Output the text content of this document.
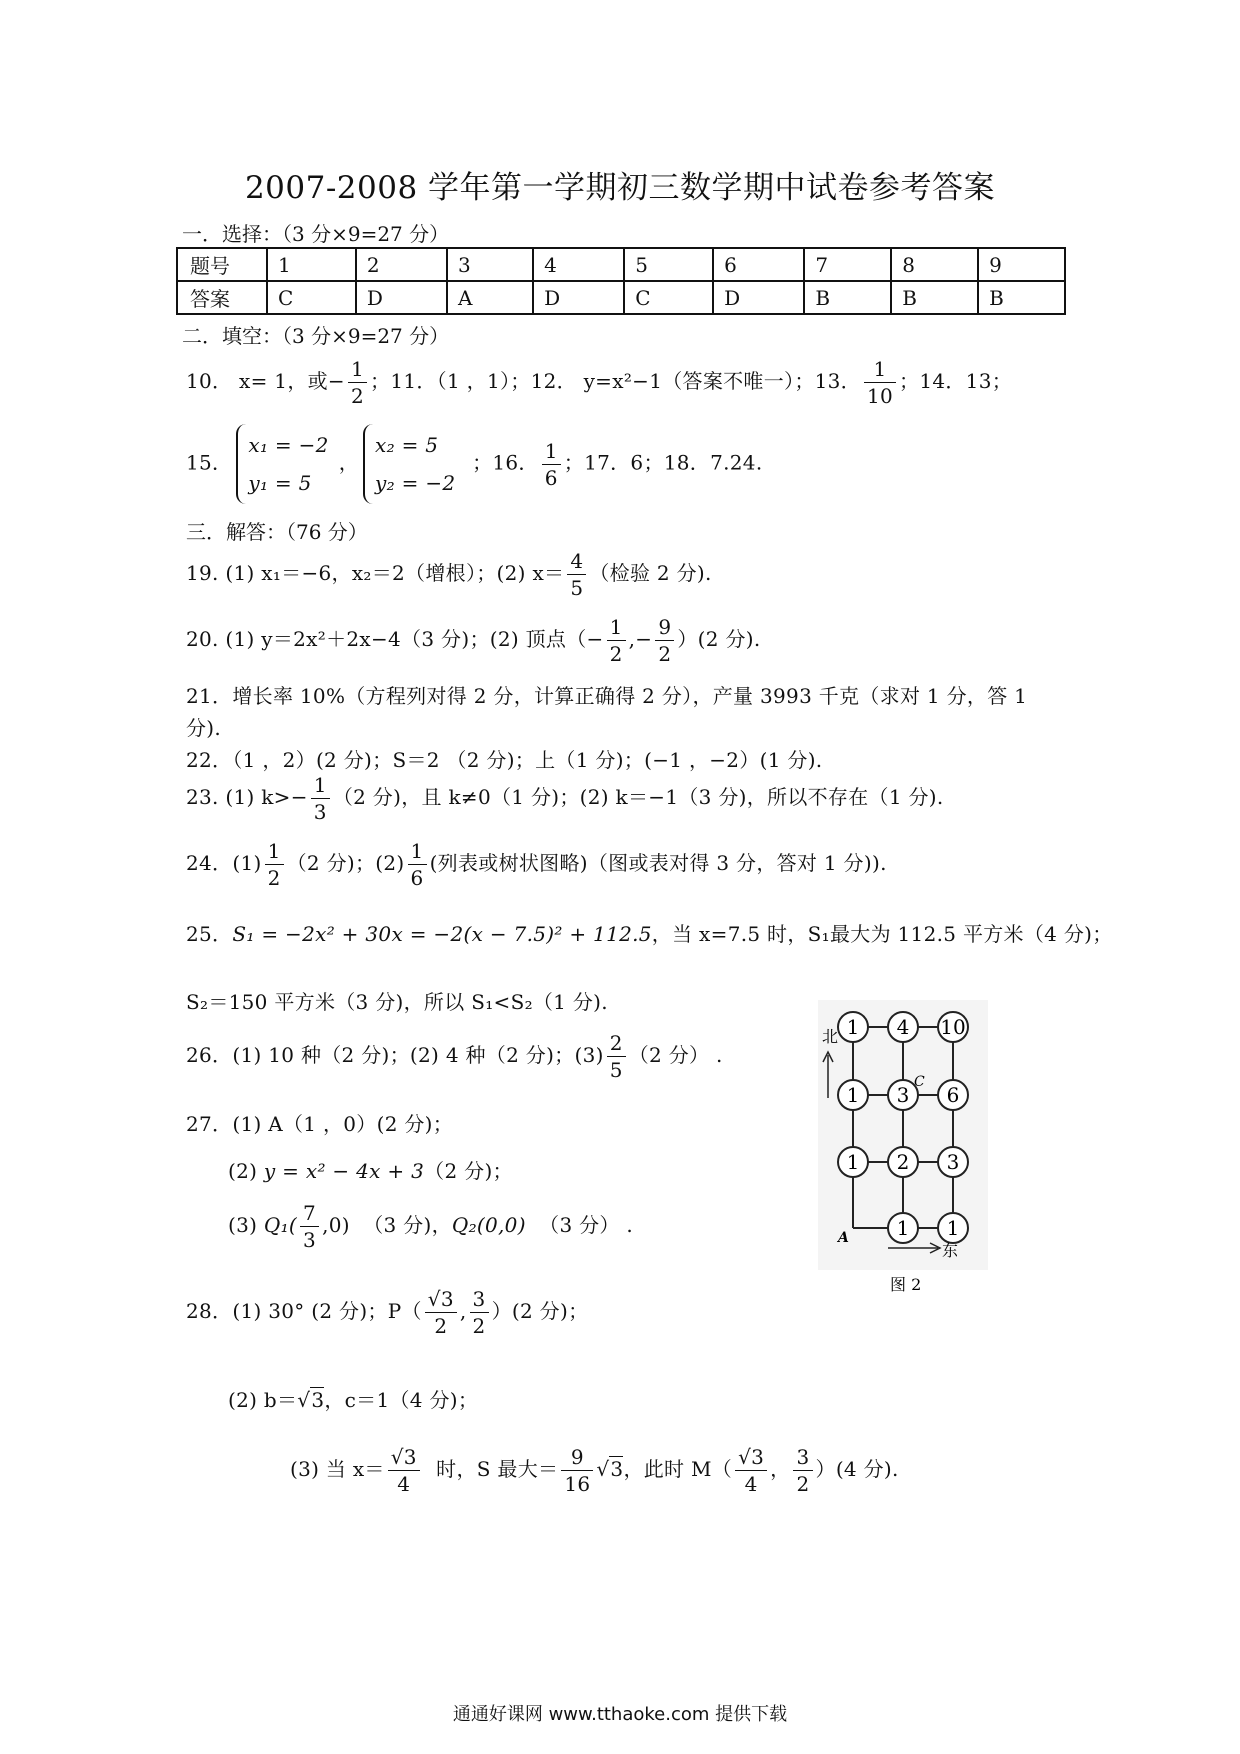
2007-2008 学年第一学期初三数学期中试卷参考答案
一．选择：（3 分×9=27 分）
题号	1	2	3	4	5	6	7	8	9
答案	C	D	A	D	C	D	B	B	B
二．填空：（3 分×9=27 分）
10． x= 1，或− $\frac{1}{2}$ ；11．（1 ，1）；12． y=x²−1（答案不唯一）；13． $\frac{1}{10}$ ；14．13；
15．
x₁ = −2
y₁ = 5
，
x₂ = 5
y₂ = −2
；16． $\frac{1}{6}$ ；17．6；18．7.24.
三．解答：（76 分）
19. (1) x₁＝−6，x₂＝2（增根）；(2) $x= \frac{4}{5}$ （检验 2 分).
20. (1) y＝2x²＋2x−4（3 分)；(2) 顶点（− $\frac{1}{2}$ ,− $\frac{9}{2} )(2$ 分).
21．增长率 10%（方程列对得 2 分，计算正确得 2 分），产量 3993 千克（求对 1 分，答 1
分).
22．（1 ，2）(2 分)；S＝2 （2 分)；上（1 分)；(−1 ，−2）(1 分).
23. (1) $k>- \frac{1}{3} (2$ 分)，且 k≠0（1 分)；(2) k＝−1（3 分)，所以不存在（1 分).
24．$(1) \frac{1}{2} (2$ 分)；$(2) \frac{1}{6}$ (列表或树状图略)（图或表对得 3 分，答对 1 分)).
25．S₁ = −2x² + 30x = −2(x − 7.5)² + 112.5，当 x=7.5 时，S₁最大为 112.5 平方米（4 分)；
S₂＝150 平方米（3 分)，所以 S₁<S₂（1 分).
26．(1) 10 种（2 分)；(2) 4 种（2 分)；$(3) \frac{2}{5} (2$ 分） .
27．(1) A（1 ，0）(2 分)；
(2) y = x² − 4x + 3（2 分)；
(3) $Q_1( \frac{7}{3} ,0)$ （3 分)，Q₂(0,0) （3 分） .
28．(1) 30° (2 分)；$P( \frac{√3}{2}$ , $\frac{3}{2} )(2$ 分)；
(2) b＝√3，c＝1（4 分)；
(3) 当 $x= \frac{√3}{4}$ 时，S 最大＝ $\frac{9}{16} √3$，此时 $M( \frac{√3}{4}$ ， $\frac{3}{2} )(4$ 分).
1 4 10
1 3 6
1 2 3
1 1
北
东
A
C
图 2
通通好课网 www.tthaoke.com 提供下载
